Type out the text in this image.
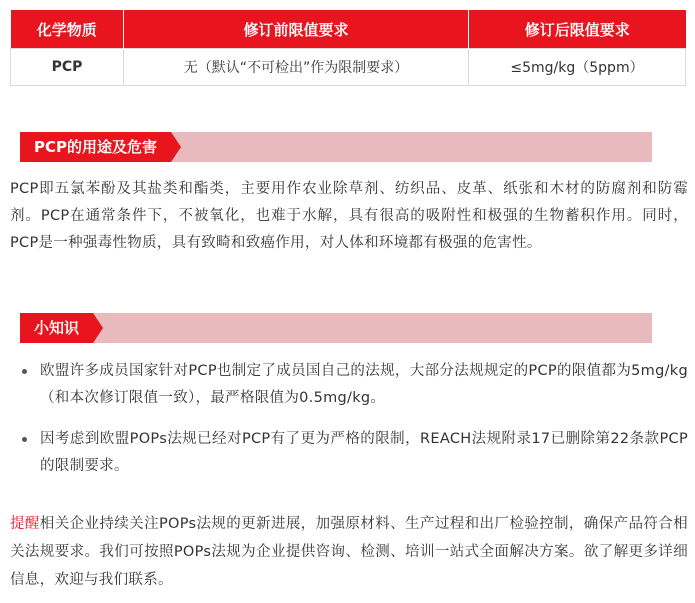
化学物质	修订前限值要求	修订后限值要求
PCP	无（默认“不可检出”作为限制要求）	≤5mg/kg（5ppm）
PCP的用途及危害

PCP即五氯苯酚及其盐类和酯类，主要用作农业除草剂、纺织品、皮革、纸张和木材的防腐剂和防霉剂。PCP在通常条件下，不被氧化，也难于水解，具有很高的吸附性和极强的生物蓄积作用。同时，PCP是一种强毒性物质，具有致畸和致癌作用，对人体和环境都有极强的危害性。

小知识
欧盟许多成员国家针对PCP也制定了成员国自己的法规，大部分法规规定的PCP的限值都为5mg/kg（和本次修订限值一致），最严格限值为0.5mg/kg。
因考虑到欧盟POPs法规已经对PCP有了更为严格的限制，REACH法规附录17已删除第22条款PCP的限制要求。

提醒相关企业持续关注POPs法规的更新进展，加强原材料、生产过程和出厂检验控制，确保产品符合相关法规要求。我们可按照POPs法规为企业提供咨询、检测、培训一站式全面解决方案。欲了解更多详细信息，欢迎与我们联系。
